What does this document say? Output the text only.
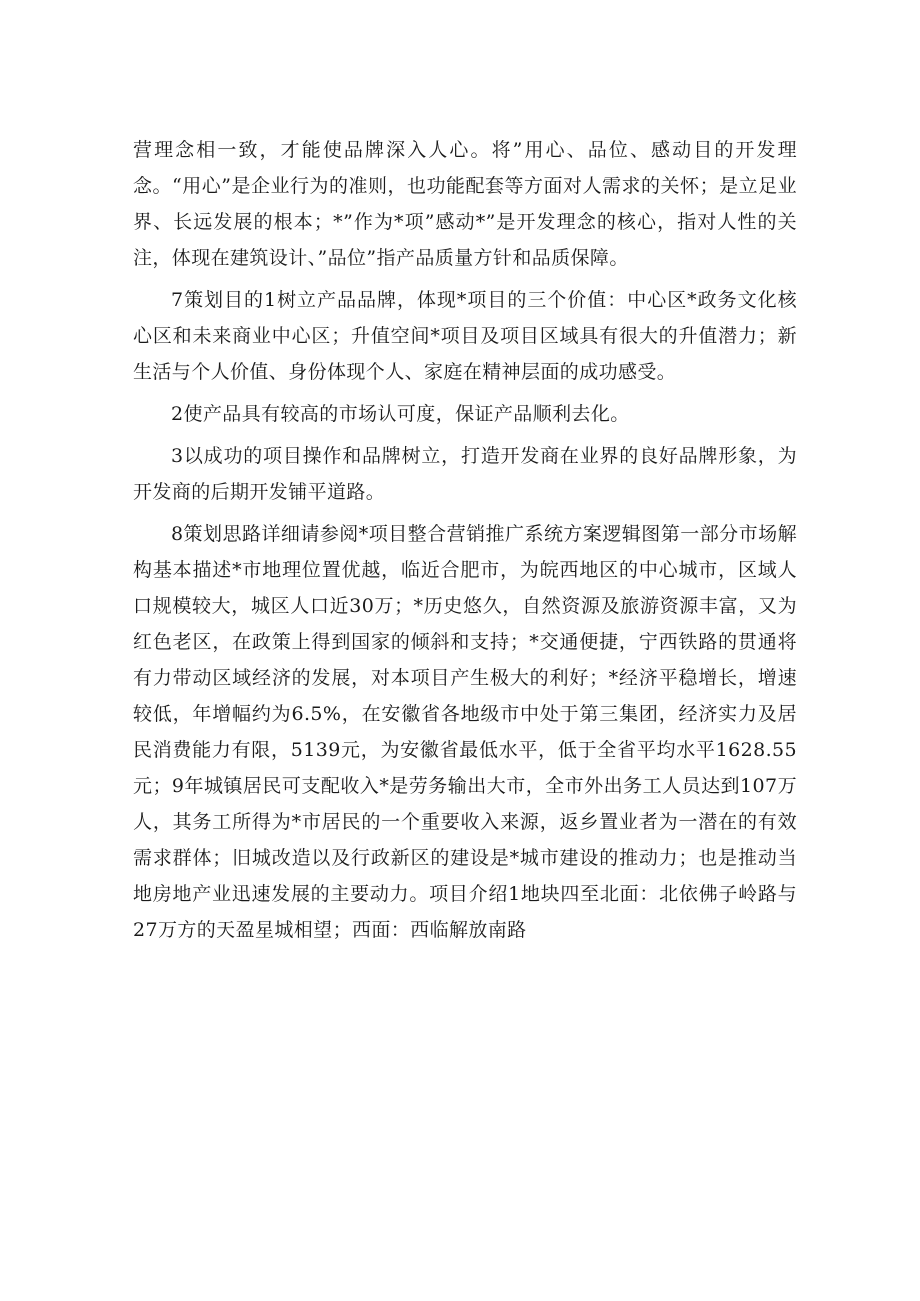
营理念相一致，才能使品牌深入人心。将”用心、品位、感动目的开发理念。“用心”是企业行为的准则，也功能配套等方面对人需求的关怀；是立足业界、长远发展的根本；*”作为*项”感动*”是开发理念的核心，指对人性的关注，体现在建筑设计、”品位”指产品质量方针和品质保障。

7策划目的1树立产品品牌，体现*项目的三个价值：中心区*政务文化核心区和未来商业中心区；升值空间*项目及项目区域具有很大的升值潜力；新生活与个人价值、身份体现个人、家庭在精神层面的成功感受。

2使产品具有较高的市场认可度，保证产品顺利去化。

3以成功的项目操作和品牌树立，打造开发商在业界的良好品牌形象，为开发商的后期开发铺平道路。

8策划思路详细请参阅*项目整合营销推广系统方案逻辑图第一部分市场解构基本描述*市地理位置优越，临近合肥市，为皖西地区的中心城市，区域人口规模较大，城区人口近30万；*历史悠久，自然资源及旅游资源丰富，又为红色老区，在政策上得到国家的倾斜和支持；*交通便捷，宁西铁路的贯通将有力带动区域经济的发展，对本项目产生极大的利好；*经济平稳增长，增速较低，年增幅约为6.5%，在安徽省各地级市中处于第三集团，经济实力及居民消费能力有限，5139元，为安徽省最低水平，低于全省平均水平1628.55元；9年城镇居民可支配收入*是劳务输出大市，全市外出务工人员达到107万人，其务工所得为*市居民的一个重要收入来源，返乡置业者为一潜在的有效需求群体；旧城改造以及行政新区的建设是*城市建设的推动力；也是推动当地房地产业迅速发展的主要动力。项目介绍1地块四至北面：北依佛子岭路与27万方的天盈星城相望；西面：西临解放南路
